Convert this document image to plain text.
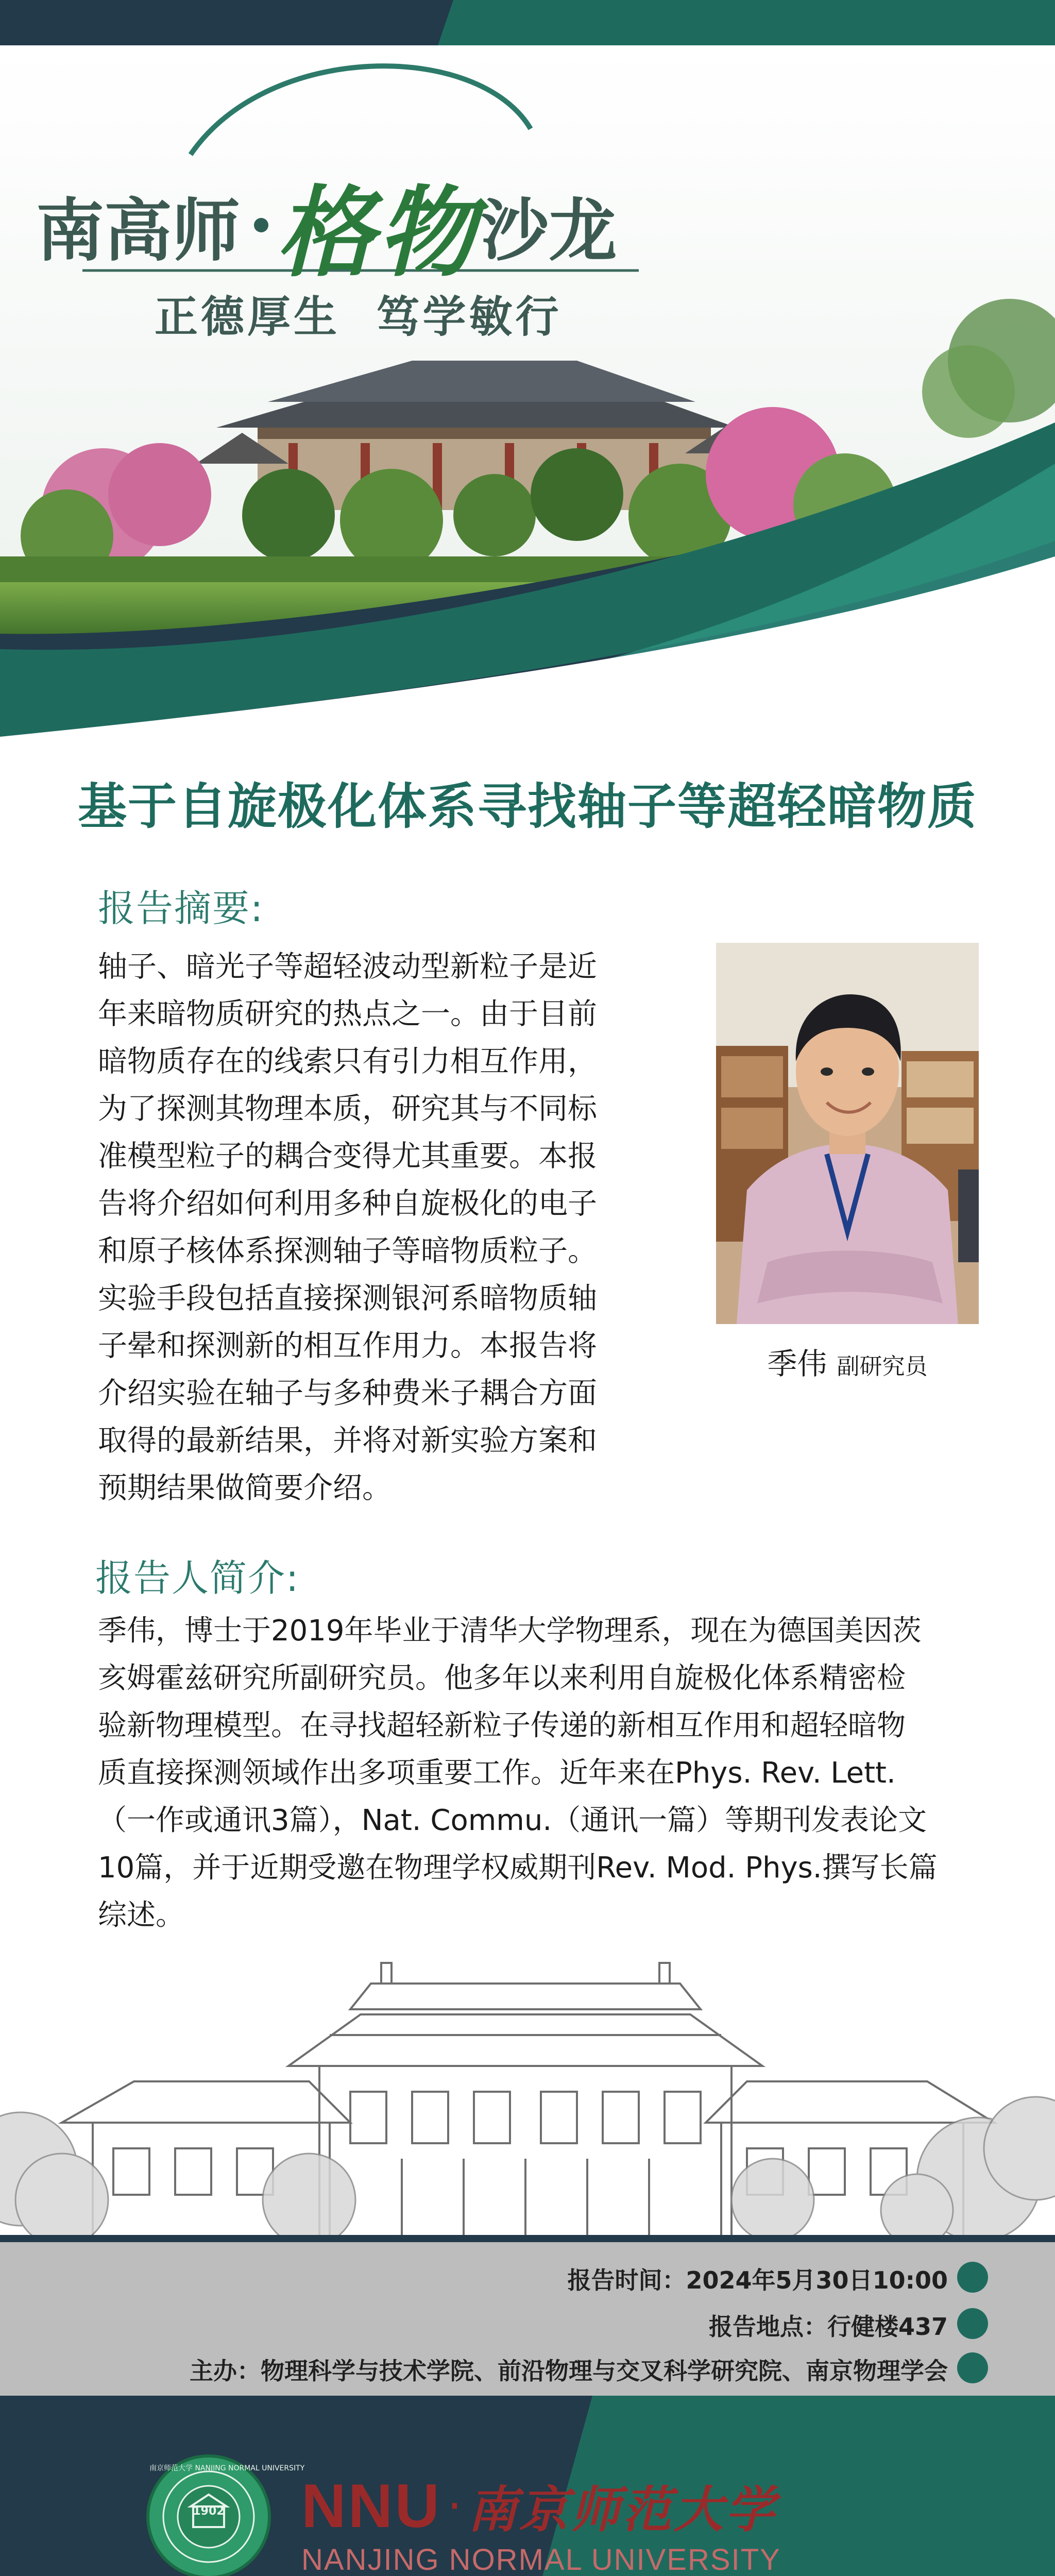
南高师 格物 沙龙
正德厚生  笃学敏行
基于自旋极化体系寻找轴子等超轻暗物质
报告摘要:
轴子、暗光子等超轻波动型新粒子是近
年来暗物质研究的热点之一。由于目前
暗物质存在的线索只有引力相互作用，
为了探测其物理本质，研究其与不同标
准模型粒子的耦合变得尤其重要。本报
告将介绍如何利用多种自旋极化的电子
和原子核体系探测轴子等暗物质粒子。
实验手段包括直接探测银河系暗物质轴
子晕和探测新的相互作用力。本报告将
介绍实验在轴子与多种费米子耦合方面
取得的最新结果，并将对新实验方案和
预期结果做简要介绍。
季伟 副研究员
报告人简介:
季伟，博士于2019年毕业于清华大学物理系，现在为德国美因茨
亥姆霍兹研究所副研究员。他多年以来利用自旋极化体系精密检
验新物理模型。在寻找超轻新粒子传递的新相互作用和超轻暗物
质直接探测领域作出多项重要工作。近年来在Phys. Rev. Lett.
（一作或通讯3篇），Nat. Commu.（通讯一篇）等期刊发表论文
10篇，并于近期受邀在物理学权威期刊Rev. Mod. Phys.撰写长篇
综述。
报告时间：2024年5月30日10:00
报告地点：行健楼437
主办：物理科学与技术学院、前沿物理与交叉科学研究院、南京物理学会
南京师范大学 NANJING NORMAL UNIVERSITY
1902	NNU · 南京师范大学
NANJING NORMAL UNIVERSITY
